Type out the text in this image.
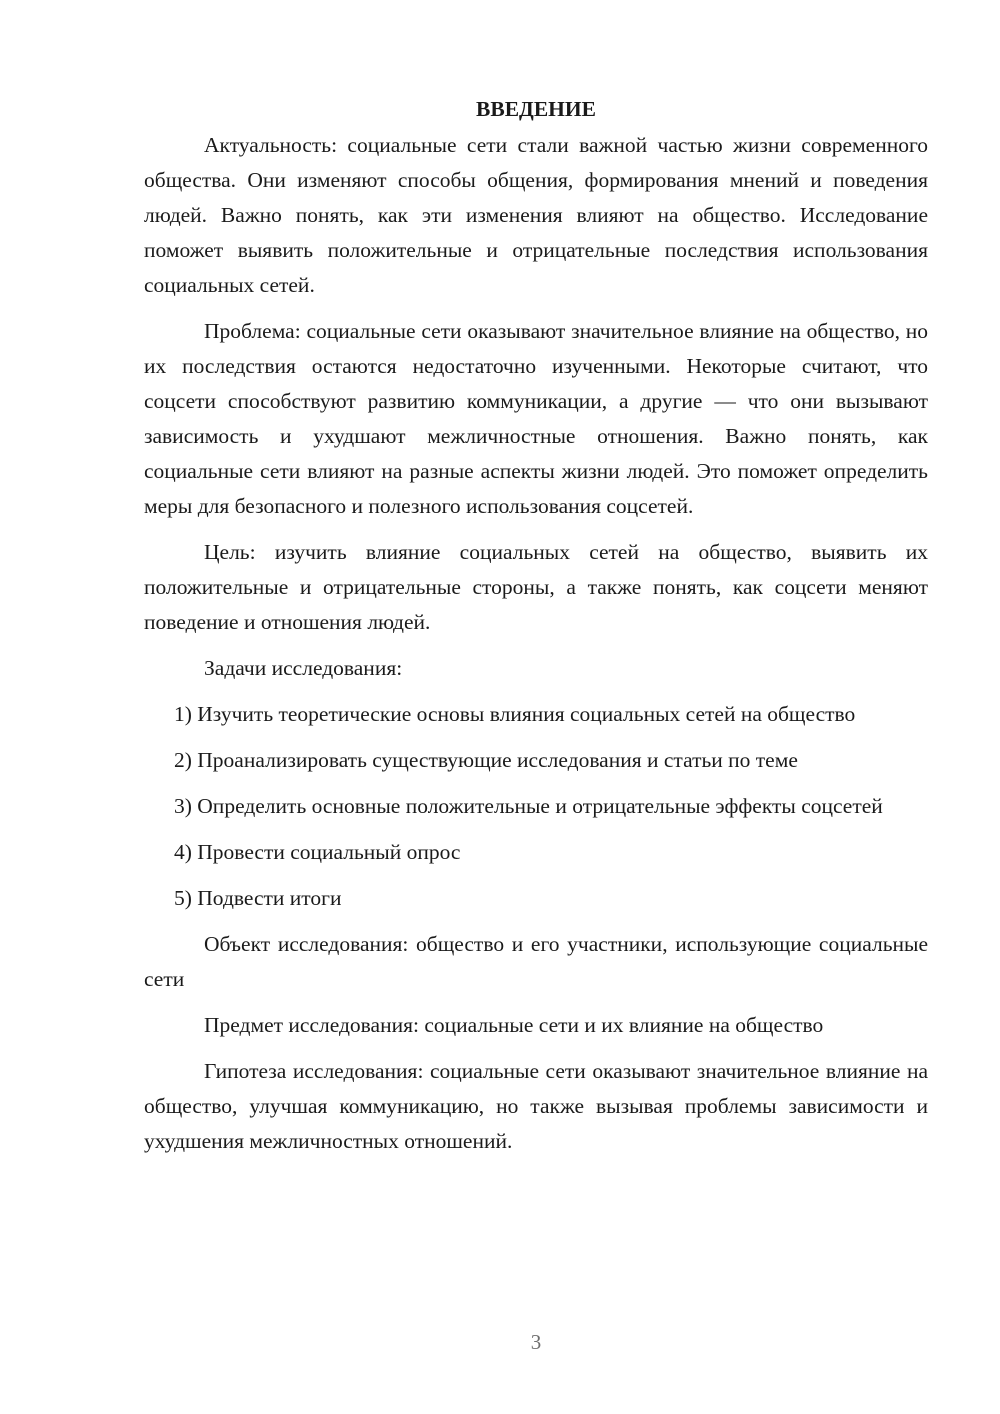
ВВЕДЕНИЕ

Актуальность: социальные сети стали важной частью жизни современного общества. Они изменяют способы общения, формирования мнений и поведения людей. Важно понять, как эти изменения влияют на общество. Исследование поможет выявить положительные и отрицательные последствия использования социальных сетей.

Проблема: социальные сети оказывают значительное влияние на общество, но их последствия остаются недостаточно изученными. Некоторые считают, что соцсети способствуют развитию коммуникации, а другие — что они вызывают зависимость и ухудшают межличностные отношения. Важно понять, как социальные сети влияют на разные аспекты жизни людей. Это поможет определить меры для безопасного и полезного использования соцсетей.

Цель: изучить влияние социальных сетей на общество, выявить их положительные и отрицательные стороны, а также понять, как соцсети меняют поведение и отношения людей.

Задачи исследования:

1) Изучить теоретические основы влияния социальных сетей на общество

2) Проанализировать существующие исследования и статьи по теме

3) Определить основные положительные и отрицательные эффекты соцсетей

4) Провести социальный опрос

5) Подвести итоги

Объект исследования: общество и его участники, использующие социальные сети

Предмет исследования: социальные сети и их влияние на общество

Гипотеза исследования: социальные сети оказывают значительное влияние на общество, улучшая коммуникацию, но также вызывая проблемы зависимости и ухудшения межличностных отношений.

3
